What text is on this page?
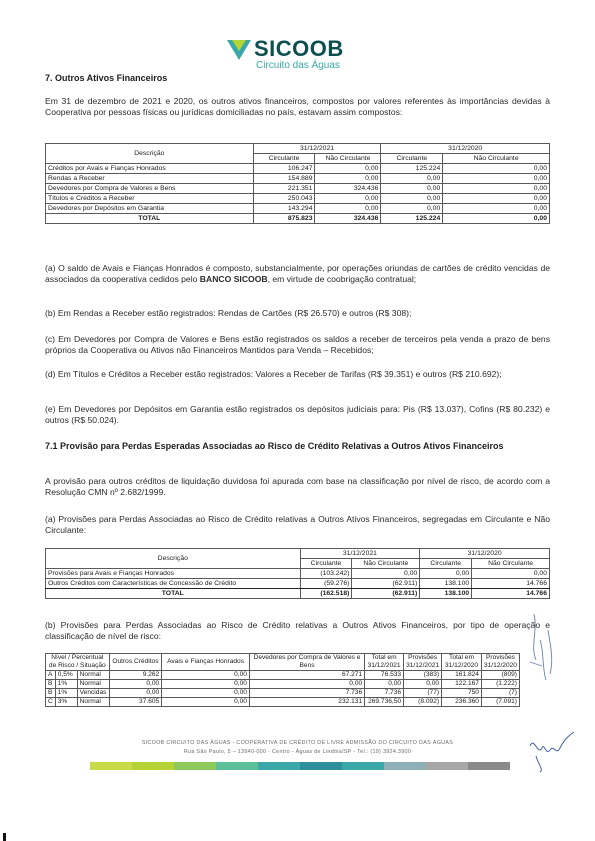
SICOOB
Circuito das Águas
7. Outros Ativos Financeiros
Em 31 de dezembro de 2021 e 2020, os outros ativos financeiros, compostos por valores referentes às importâncias devidas à Cooperativa por pessoas físicas ou jurídicas domiciliadas no país, estavam assim compostos:
Descrição	31/12/2021		31/12/2020	
	Circulante	Não Circulante	Circulante	Não Circulante
Créditos por Avais e Fianças Honrados	106.247	0,00	125.224	0,00
Rendas a Receber	154.889	0,00	0,00	0,00
Devedores por Compra de Valores e Bens	221.351	324.436	0,00	0,00
Títulos e Créditos a Receber	250.043	0,00	0,00	0,00
Devedores por Depósitos em Garantia	143.294	0,00	0,00	0,00
TOTAL	875.823	324.436	125.224	0,00
(a) O saldo de Avais e Fianças Honrados é composto, substancialmente, por operações oriundas de cartões de crédito vencidas de associados da cooperativa cedidos pelo BANCO SICOOB, em virtude de coobrigação contratual;
(b) Em Rendas a Receber estão registrados: Rendas de Cartões (R$ 26.570) e outros (R$ 308);
(c) Em Devedores por Compra de Valores e Bens estão registrados os saldos a receber de terceiros pela venda a prazo de bens próprios da Cooperativa ou Ativos não Financeiros Mantidos para Venda – Recebidos;
(d) Em Títulos e Créditos a Receber estão registrados: Valores a Receber de Tarifas (R$ 39.351) e outros (R$ 210.692);
(e) Em Devedores por Depósitos em Garantia estão registrados os depósitos judiciais para: Pis (R$ 13.037), Cofins (R$ 80.232) e outros (R$ 50.024).
7.1 Provisão para Perdas Esperadas Associadas ao Risco de Crédito Relativas a Outros Ativos Financeiros
A provisão para outros créditos de liquidação duvidosa foi apurada com base na classificação por nível de risco, de acordo com a Resolução CMN nº 2.682/1999.
(a) Provisões para Perdas Associadas ao Risco de Crédito relativas a Outros Ativos Financeiros, segregadas em Circulante e Não Circulante:
Descrição	31/12/2021		31/12/2020	
	Circulante	Não Circulante	Circulante	Não Circulante
Provisões para Avais e Fianças Honrados	(103.242)	0,00	0,00	0,00
Outros Créditos com Características de Concessão de Crédito	(59.276)	(62.911)	138.100	14.766
TOTAL	(162.518)	(62.911)	138.100	14.766
(b) Provisões para Perdas Associadas ao Risco de Crédito relativas a Outros Ativos Financeiros, por tipo de operação e classificação de nível de risco:
Nível / Percentual de Risco / Situação			Outros Créditos	Avais e Fianças Honrados	Devedores por Compra de Valores e Bens	Total em 31/12/2021	Provisões 31/12/2021	Total em 31/12/2020	Provisões 31/12/2020
A	0,5%	Normal	9.262	0,00	67.271	76.533	(383)	161.824	(809)
B	1%	Normal	0,00	0,00	0,00	0,00	0,00	122.167	(1.222)
B	1%	Vencidas	0,00	0,00	7.736	7.736	(77)	750	(7)
C	3%	Normal	37.605	0,00	232.131	269.736,50	(8.092)	236.360	(7.091)
SICOOB CIRCUITO DAS ÁGUAS - COOPERATIVA DE CRÉDITO DE LIVRE ADMISSÃO DO CIRCUITO DAS ÁGUAS
Rua São Paulo, 5 – 13940-000 - Centro - Águas de Lindóia/SP - Tel.: (19) 3924.3900
